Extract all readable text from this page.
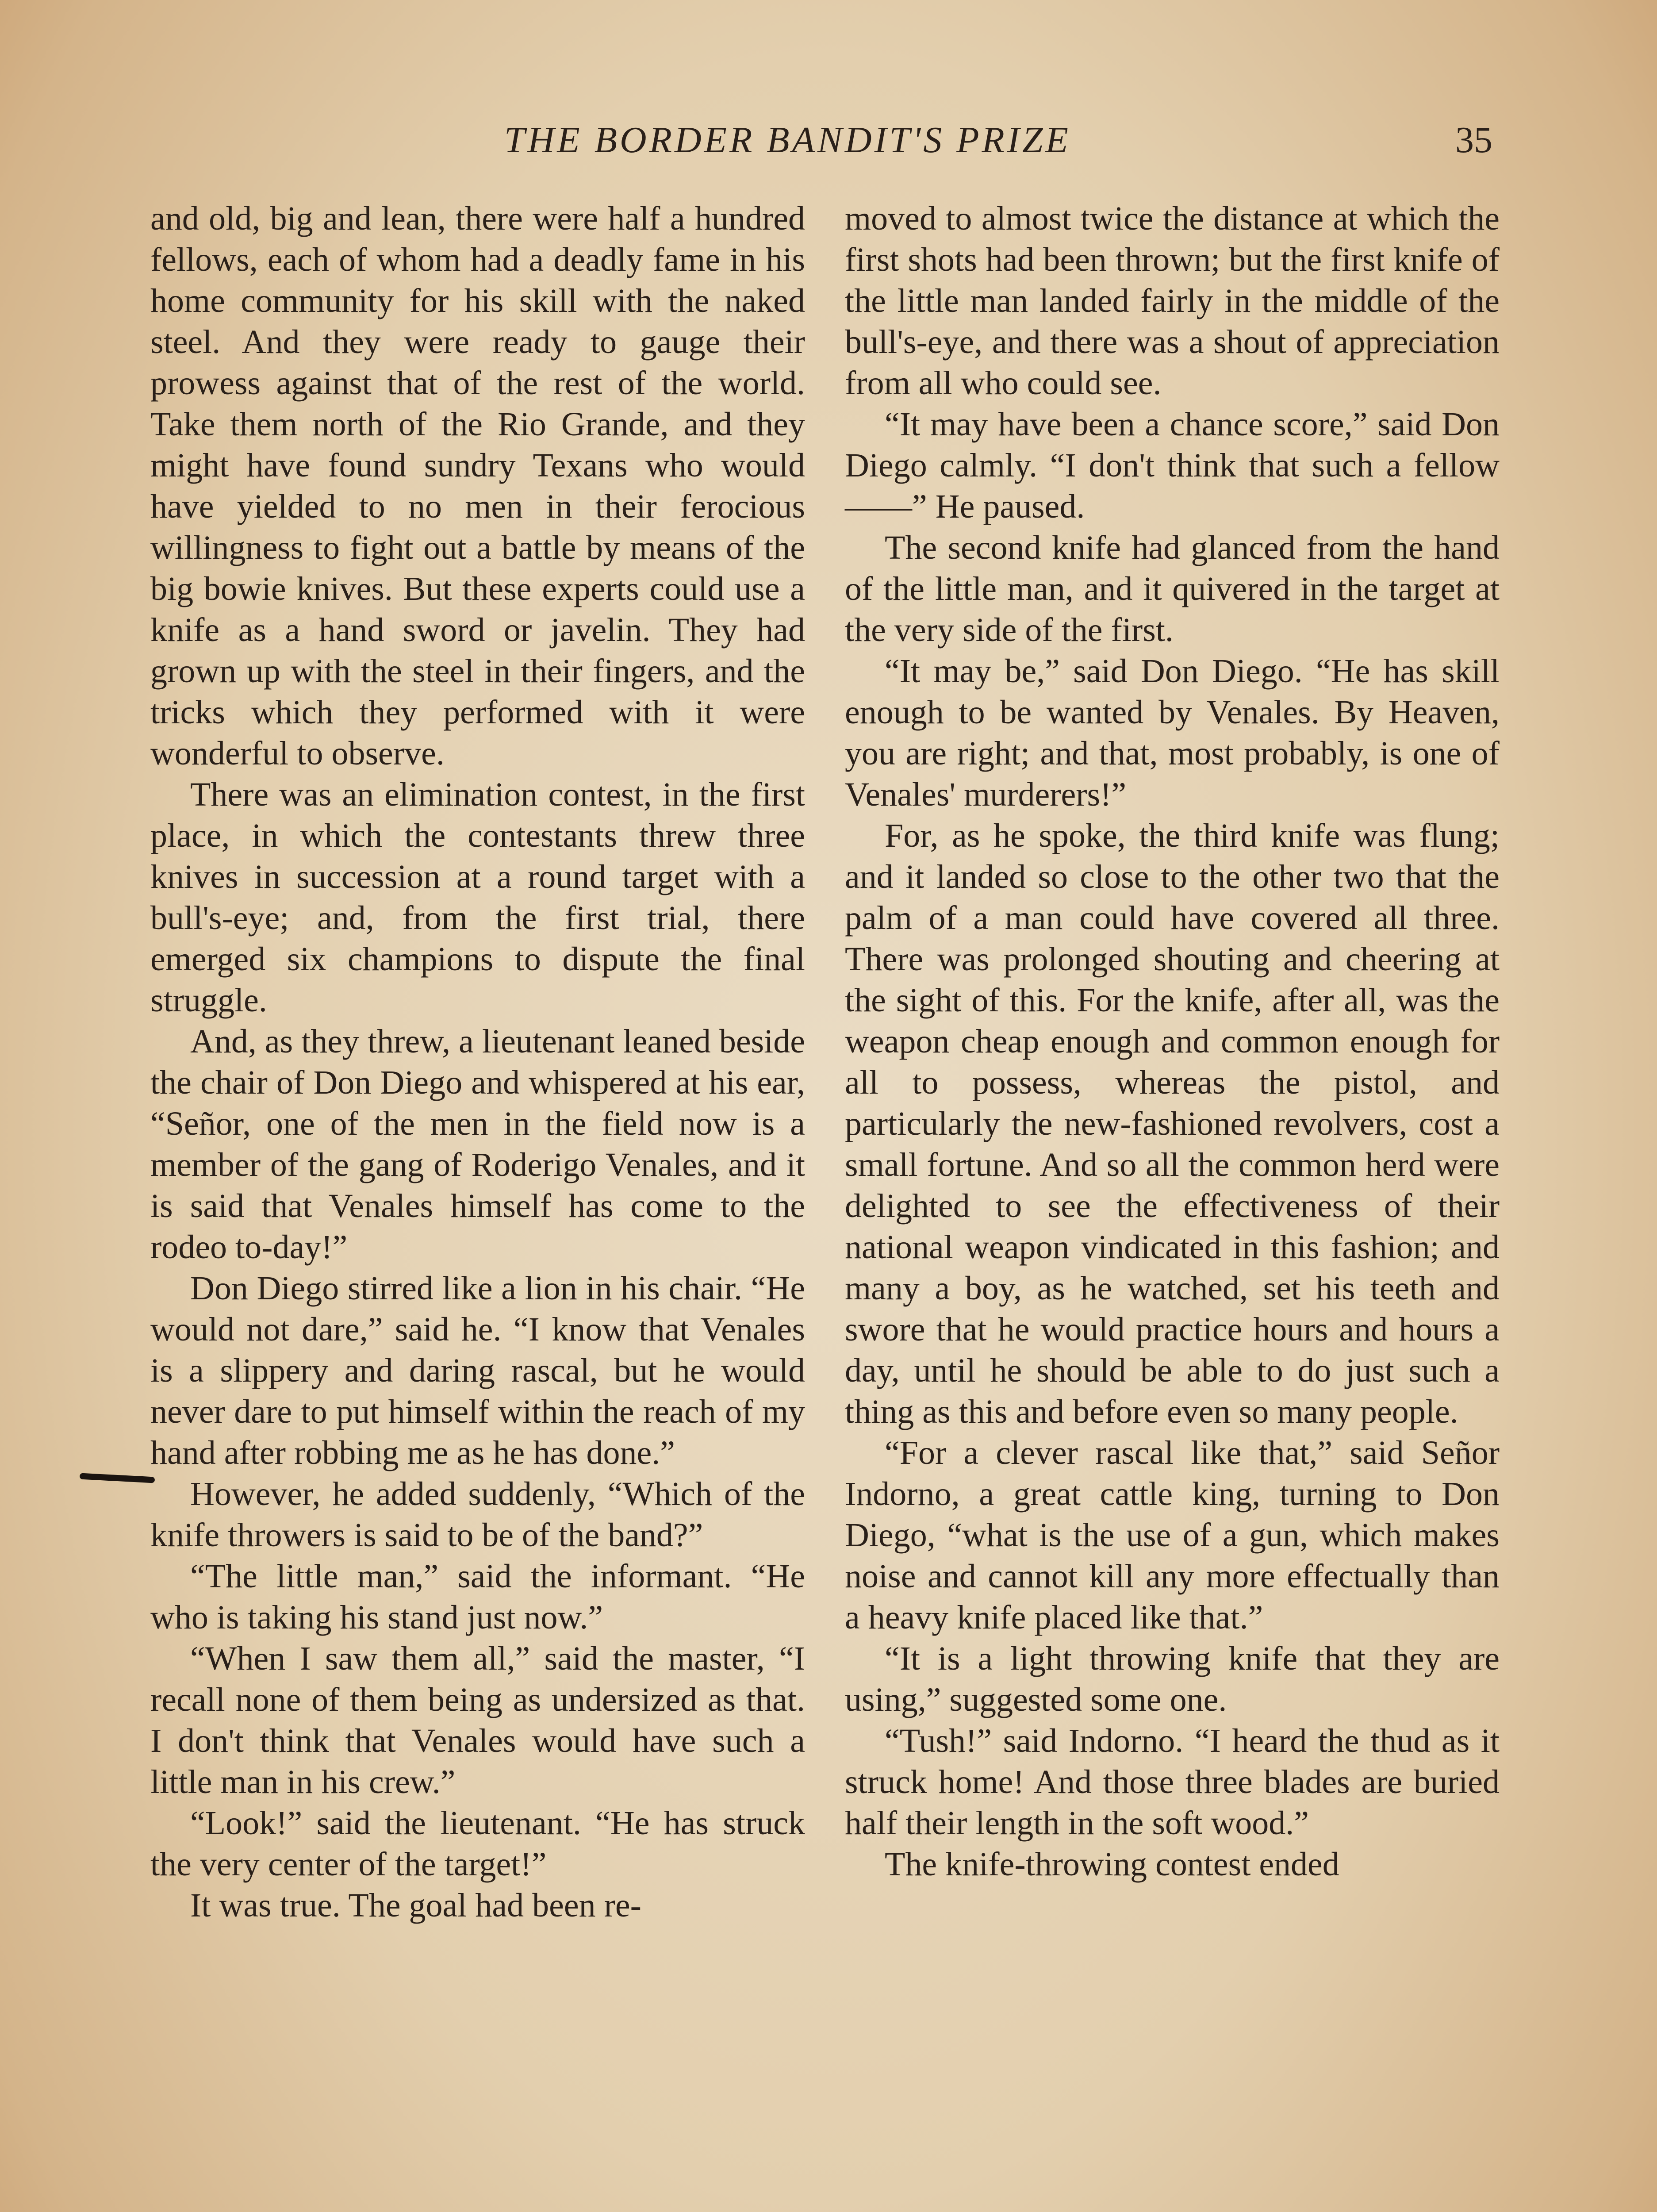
THE BORDER BANDIT'S PRIZE	35

and old, big and lean, there were half a hundred fellows, each of whom had a deadly fame in his home community for his skill with the naked steel. And they were ready to gauge their prowess against that of the rest of the world. Take them north of the Rio Grande, and they might have found sundry Texans who would have yielded to no men in their ferocious willingness to fight out a battle by means of the big bowie knives. But these experts could use a knife as a hand sword or javelin. They had grown up with the steel in their fingers, and the tricks which they performed with it were wonderful to observe.

There was an elimination contest, in the first place, in which the contestants threw three knives in succession at a round target with a bull's-eye; and, from the first trial, there emerged six champions to dispute the final struggle.

And, as they threw, a lieutenant leaned beside the chair of Don Diego and whispered at his ear, “Señor, one of the men in the field now is a member of the gang of Roderigo Venales, and it is said that Venales himself has come to the rodeo to-day!”

Don Diego stirred like a lion in his chair. “He would not dare,” said he. “I know that Venales is a slippery and daring rascal, but he would never dare to put himself within the reach of my hand after robbing me as he has done.”

However, he added suddenly, “Which of the knife throwers is said to be of the band?”

“The little man,” said the informant. “He who is taking his stand just now.”

“When I saw them all,” said the master, “I recall none of them being as undersized as that. I don't think that Venales would have such a little man in his crew.”

“Look!” said the lieutenant. “He has struck the very center of the target!”

It was true. The goal had been re-

moved to almost twice the distance at which the first shots had been thrown; but the first knife of the little man landed fairly in the middle of the bull's-eye, and there was a shout of appreciation from all who could see.

“It may have been a chance score,” said Don Diego calmly. “I don't think that such a fellow——” He paused.

The second knife had glanced from the hand of the little man, and it quivered in the target at the very side of the first.

“It may be,” said Don Diego. “He has skill enough to be wanted by Venales. By Heaven, you are right; and that, most probably, is one of Venales' murderers!”

For, as he spoke, the third knife was flung; and it landed so close to the other two that the palm of a man could have covered all three. There was prolonged shouting and cheering at the sight of this. For the knife, after all, was the weapon cheap enough and common enough for all to possess, whereas the pistol, and particularly the new-fashioned revolvers, cost a small fortune. And so all the common herd were delighted to see the effectiveness of their national weapon vindicated in this fashion; and many a boy, as he watched, set his teeth and swore that he would practice hours and hours a day, until he should be able to do just such a thing as this and before even so many people.

“For a clever rascal like that,” said Señor Indorno, a great cattle king, turning to Don Diego, “what is the use of a gun, which makes noise and cannot kill any more effectually than a heavy knife placed like that.”

“It is a light throwing knife that they are using,” suggested some one.

“Tush!” said Indorno. “I heard the thud as it struck home! And those three blades are buried half their length in the soft wood.”

The knife-throwing contest ended
